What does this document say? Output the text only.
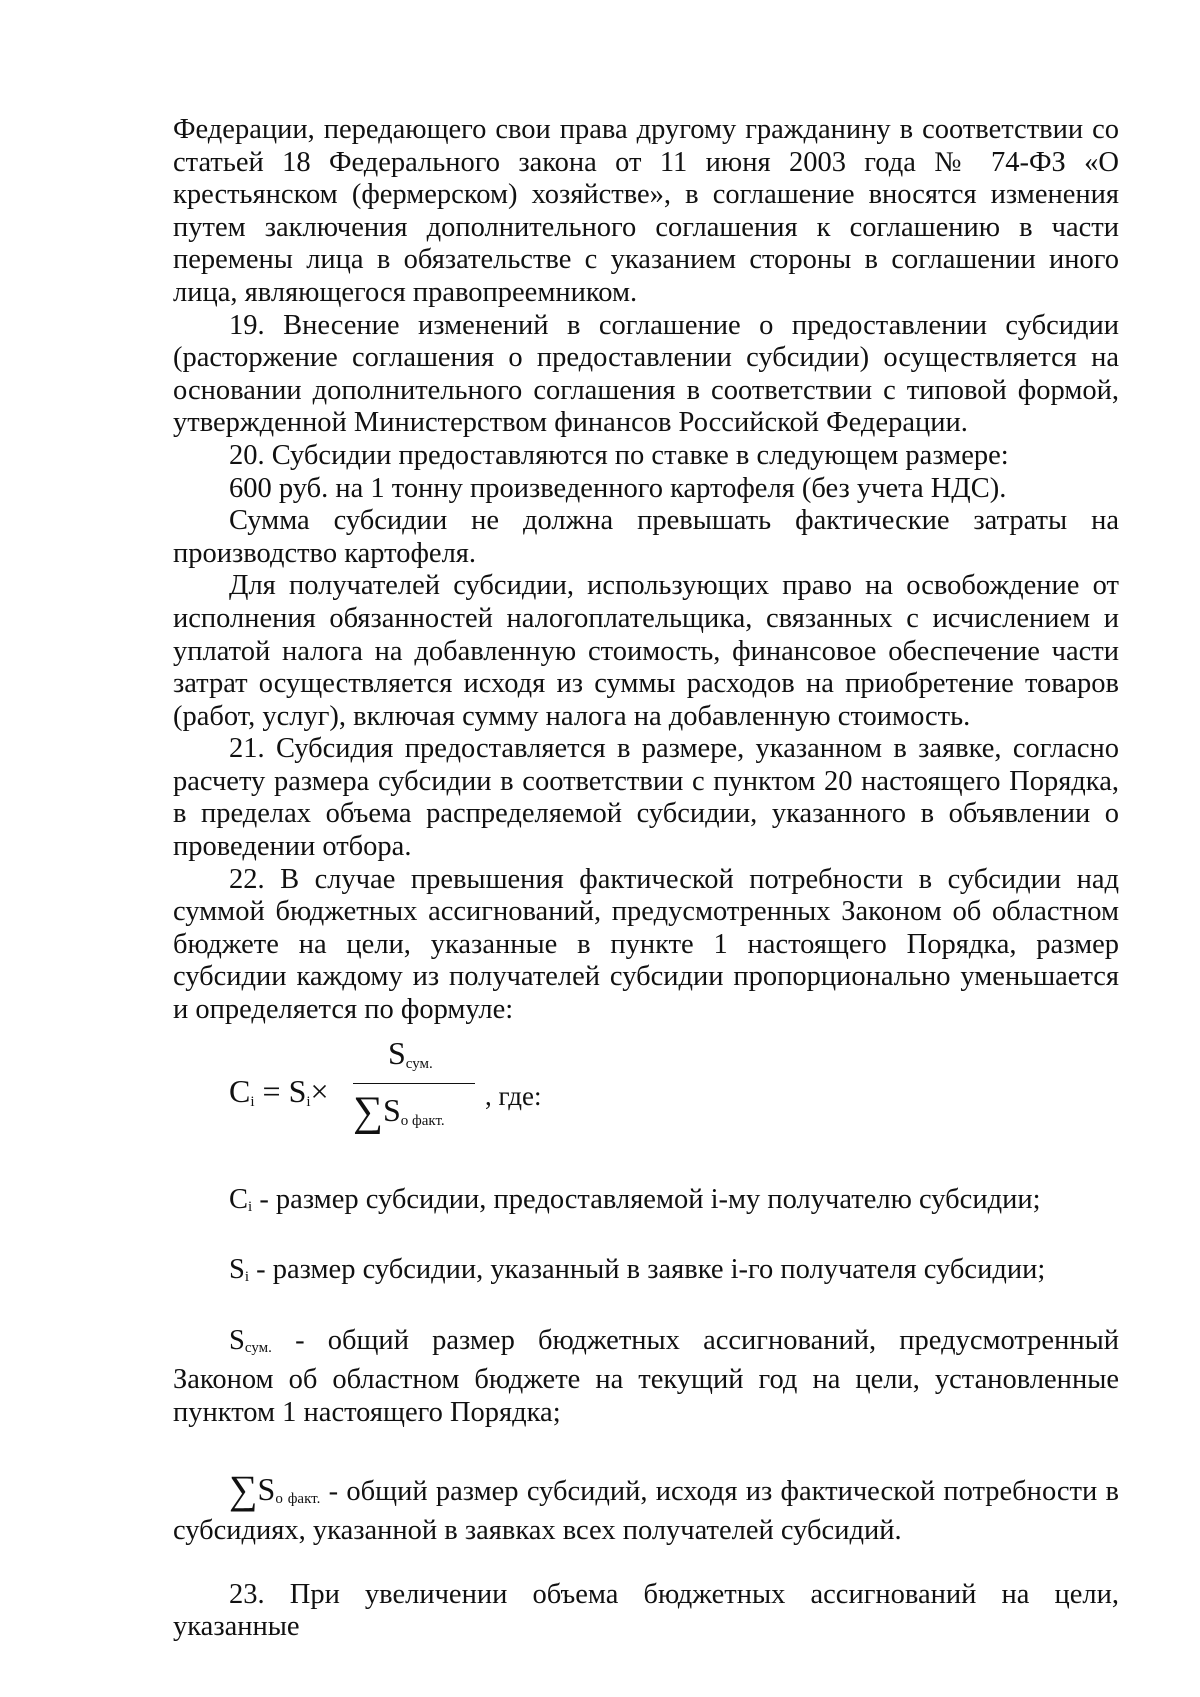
Федерации, передающего свои права другому гражданину в соответствии со статьей 18 Федерального закона от 11 июня 2003 года № 74-ФЗ «О крестьянском (фермерском) хозяйстве», в соглашение вносятся изменения путем заключения дополнительного соглашения к соглашению в части перемены лица в обязательстве с указанием стороны в соглашении иного лица, являющегося правопреемником.

19. Внесение изменений в соглашение о предоставлении субсидии (расторжение соглашения о предоставлении субсидии) осуществляется на основании дополнительного соглашения в соответствии с типовой формой, утвержденной Министерством финансов Российской Федерации.

20. Субсидии предоставляются по ставке в следующем размере:

600 руб. на 1 тонну произведенного картофеля (без учета НДС).

Сумма субсидии не должна превышать фактические затраты на производство картофеля.

Для получателей субсидии, использующих право на освобождение от исполнения обязанностей налогоплательщика, связанных с исчислением и уплатой налога на добавленную стоимость, финансовое обеспечение части затрат осуществляется исходя из суммы расходов на приобретение товаров (работ, услуг), включая сумму налога на добавленную стоимость.

21. Субсидия предоставляется в размере, указанном в заявке, согласно расчету размера субсидии в соответствии с пунктом 20 настоящего Порядка, в пределах объема распределяемой субсидии, указанного в объявлении о проведении отбора.

22. В случае превышения фактической потребности в субсидии над суммой бюджетных ассигнований, предусмотренных Законом об областном бюджете на цели, указанные в пункте 1 настоящего Порядка, размер субсидии каждому из получателей субсидии пропорционально уменьшается и определяется по формуле:

Ci = Si×
Sсум.
∑Sо факт.
, где:

Ci - размер субсидии, предоставляемой i-му получателю субсидии;

Si - размер субсидии, указанный в заявке i-го получателя субсидии;

Sсум. - общий размер бюджетных ассигнований, предусмотренный Законом об областном бюджете на текущий год на цели, установленные пунктом 1 настоящего Порядка;

∑Sо факт. - общий размер субсидий, исходя из фактической потребности в субсидиях, указанной в заявках всех получателей субсидий.

23. При увеличении объема бюджетных ассигнований на цели, указанные
